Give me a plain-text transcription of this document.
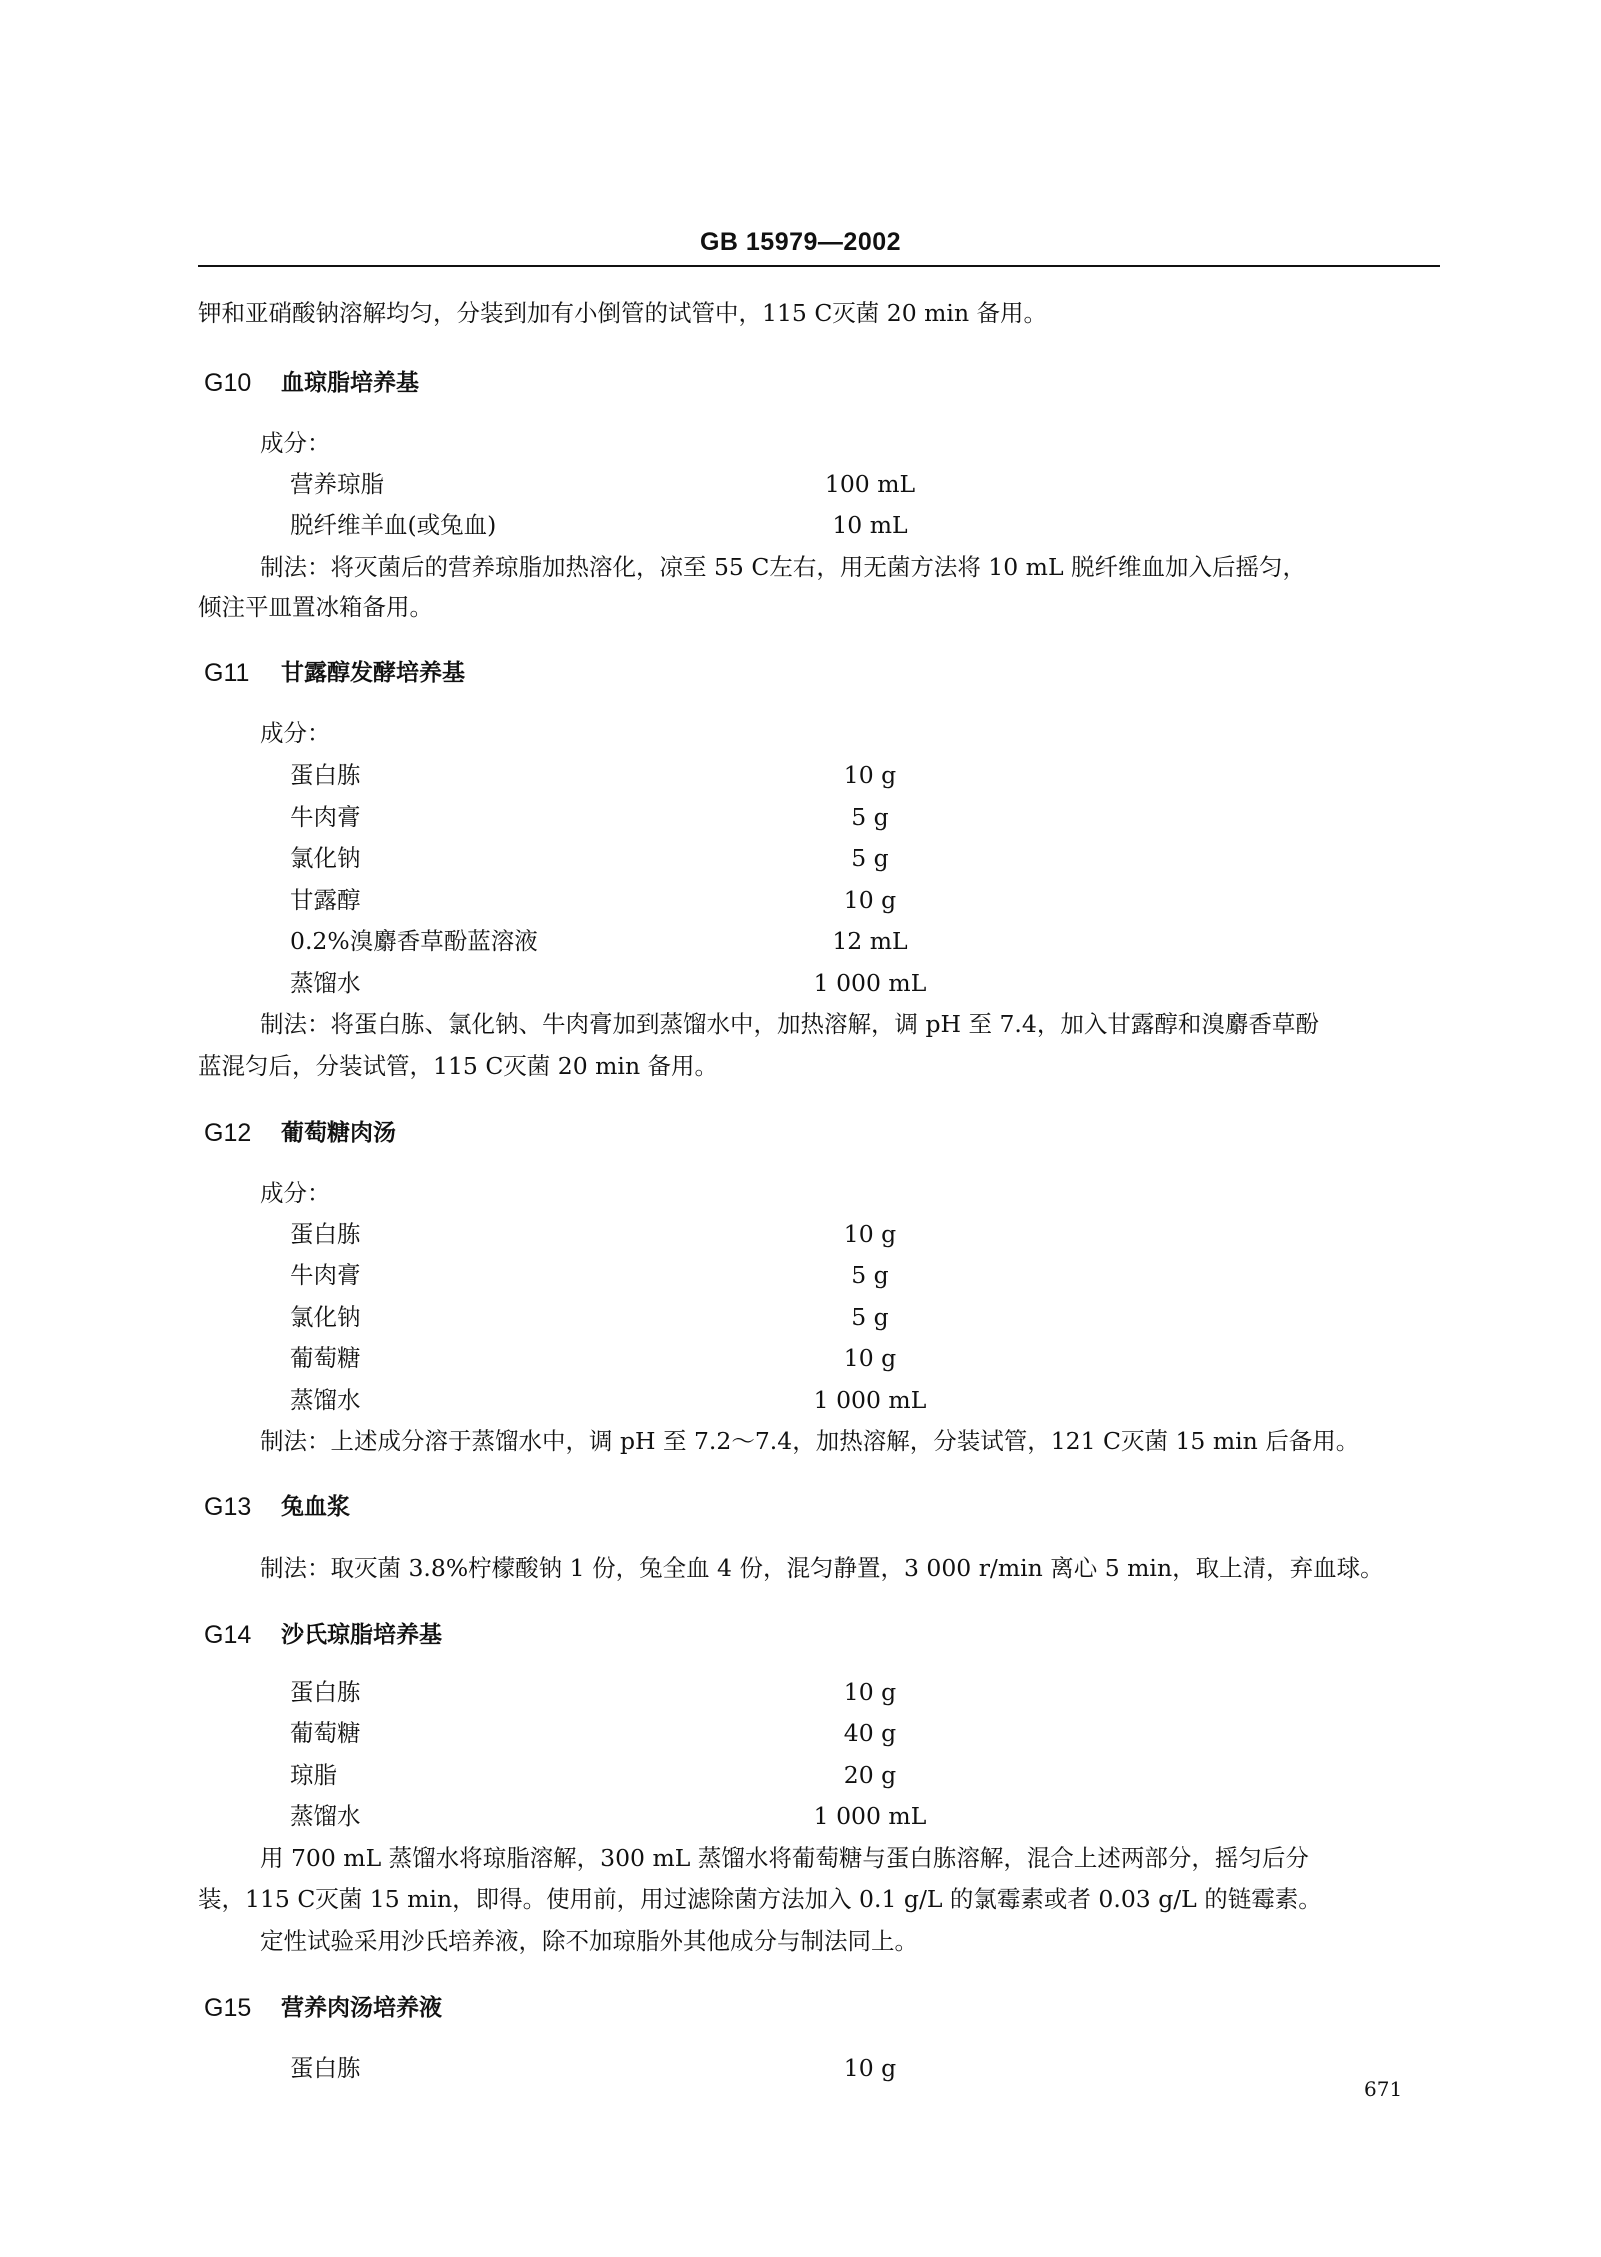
GB 15979—2002
钾和亚硝酸钠溶解均匀，分装到加有小倒管的试管中，115 C灭菌 20 min 备用。
G10 血琼脂培养基
成分：
营养琼脂	100 mL
脱纤维羊血(或兔血)	10 mL
制法：将灭菌后的营养琼脂加热溶化，凉至 55 C左右，用无菌方法将 10 mL 脱纤维血加入后摇匀，
倾注平皿置冰箱备用。
G11 甘露醇发酵培养基
成分：
蛋白胨	10 g
牛肉膏	5 g
氯化钠	5 g
甘露醇	10 g
0.2%溴麝香草酚蓝溶液	12 mL
蒸馏水	1 000 mL
制法：将蛋白胨、氯化钠、牛肉膏加到蒸馏水中，加热溶解，调 pH 至 7.4，加入甘露醇和溴麝香草酚
蓝混匀后，分装试管，115 C灭菌 20 min 备用。
G12 葡萄糖肉汤
成分：
蛋白胨	10 g
牛肉膏	5 g
氯化钠	5 g
葡萄糖	10 g
蒸馏水	1 000 mL
制法：上述成分溶于蒸馏水中，调 pH 至 7.2～7.4，加热溶解，分装试管，121 C灭菌 15 min 后备用。
G13 兔血浆
制法：取灭菌 3.8%柠檬酸钠 1 份，兔全血 4 份，混匀静置，3 000 r/min 离心 5 min，取上清，弃血球。
G14 沙氏琼脂培养基
蛋白胨	10 g
葡萄糖	40 g
琼脂	20 g
蒸馏水	1 000 mL
用 700 mL 蒸馏水将琼脂溶解，300 mL 蒸馏水将葡萄糖与蛋白胨溶解，混合上述两部分，摇匀后分
装，115 C灭菌 15 min，即得。使用前，用过滤除菌方法加入 0.1 g/L 的氯霉素或者 0.03 g/L 的链霉素。
定性试验采用沙氏培养液，除不加琼脂外其他成分与制法同上。
G15 营养肉汤培养液
蛋白胨	10 g
671
